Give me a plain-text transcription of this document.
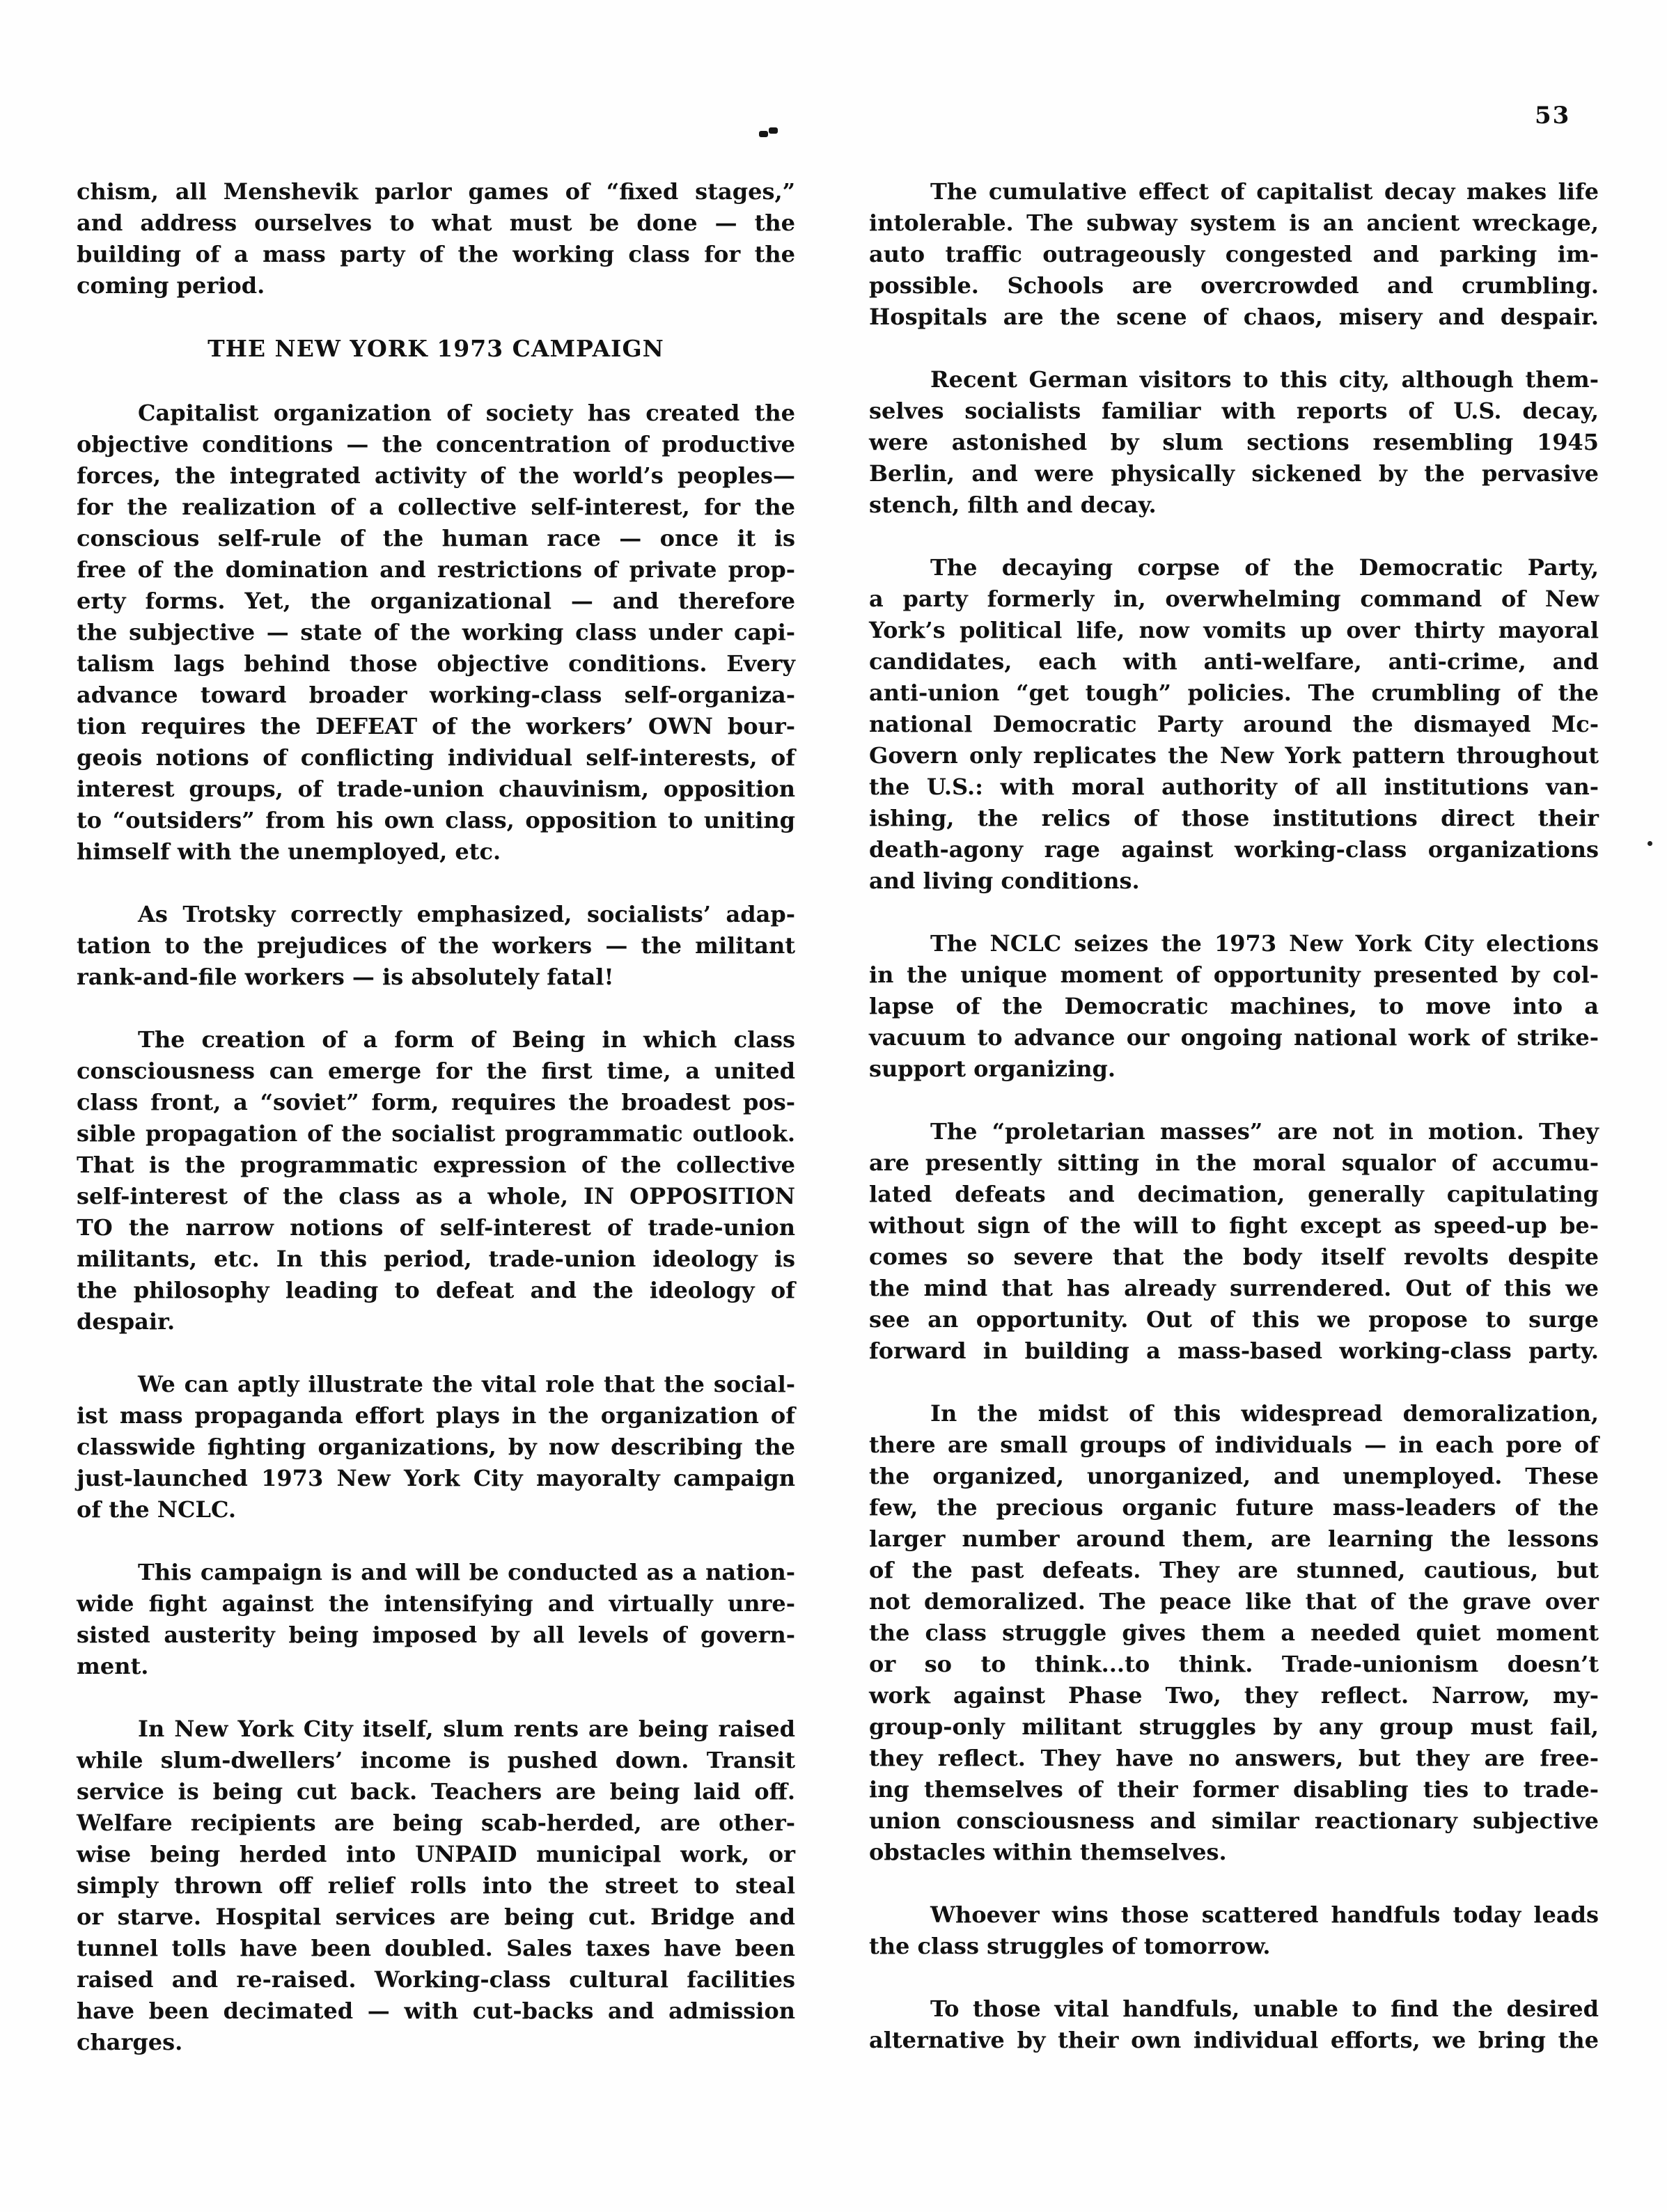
53
chism, all Menshevik parlor games of “fixed stages,”
and address ourselves to what must be done — the
building of a mass party of the working class for the
coming period.
THE NEW YORK 1973 CAMPAIGN
Capitalist organization of society has created the
objective conditions — the concentration of productive
forces, the integrated activity of the world’s peoples—
for the realization of a collective self-interest, for the
conscious self-rule of the human race — once it is
free of the domination and restrictions of private prop-
erty forms. Yet, the organizational — and therefore
the subjective — state of the working class under capi-
talism lags behind those objective conditions. Every
advance toward broader working-class self-organiza-
tion requires the DEFEAT of the workers’ OWN bour-
geois notions of conflicting individual self-interests, of
interest groups, of trade-union chauvinism, opposition
to “outsiders” from his own class, opposition to uniting
himself with the unemployed, etc.
As Trotsky correctly emphasized, socialists’ adap-
tation to the prejudices of the workers — the militant
rank-and-file workers — is absolutely fatal!
The creation of a form of Being in which class
consciousness can emerge for the first time, a united
class front, a “soviet” form, requires the broadest pos-
sible propagation of the socialist programmatic outlook.
That is the programmatic expression of the collective
self-interest of the class as a whole, IN OPPOSITION
TO the narrow notions of self-interest of trade-union
militants, etc. In this period, trade-union ideology is
the philosophy leading to defeat and the ideology of
despair.
We can aptly illustrate the vital role that the social-
ist mass propaganda effort plays in the organization of
classwide fighting organizations, by now describing the
just-launched 1973 New York City mayoralty campaign
of the NCLC.
This campaign is and will be conducted as a nation-
wide fight against the intensifying and virtually unre-
sisted austerity being imposed by all levels of govern-
ment.
In New York City itself, slum rents are being raised
while slum-dwellers’ income is pushed down. Transit
service is being cut back. Teachers are being laid off.
Welfare recipients are being scab-herded, are other-
wise being herded into UNPAID municipal work, or
simply thrown off relief rolls into the street to steal
or starve. Hospital services are being cut. Bridge and
tunnel tolls have been doubled. Sales taxes have been
raised and re-raised. Working-class cultural facilities
have been decimated — with cut-backs and admission
charges.
The cumulative effect of capitalist decay makes life
intolerable. The subway system is an ancient wreckage,
auto traffic outrageously congested and parking im-
possible. Schools are overcrowded and crumbling.
Hospitals are the scene of chaos, misery and despair.
Recent German visitors to this city, although them-
selves socialists familiar with reports of U.S. decay,
were astonished by slum sections resembling 1945
Berlin, and were physically sickened by the pervasive
stench, filth and decay.
The decaying corpse of the Democratic Party,
a party formerly in, overwhelming command of New
York’s political life, now vomits up over thirty mayoral
candidates, each with anti-welfare, anti-crime, and
anti-union “get tough” policies. The crumbling of the
national Democratic Party around the dismayed Mc-
Govern only replicates the New York pattern throughout
the U.S.: with moral authority of all institutions van-
ishing, the relics of those institutions direct their
death-agony rage against working-class organizations
and living conditions.
The NCLC seizes the 1973 New York City elections
in the unique moment of opportunity presented by col-
lapse of the Democratic machines, to move into a
vacuum to advance our ongoing national work of strike-
support organizing.
The “proletarian masses” are not in motion. They
are presently sitting in the moral squalor of accumu-
lated defeats and decimation, generally capitulating
without sign of the will to fight except as speed-up be-
comes so severe that the body itself revolts despite
the mind that has already surrendered. Out of this we
see an opportunity. Out of this we propose to surge
forward in building a mass-based working-class party.
In the midst of this widespread demoralization,
there are small groups of individuals — in each pore of
the organized, unorganized, and unemployed. These
few, the precious organic future mass-leaders of the
larger number around them, are learning the lessons
of the past defeats. They are stunned, cautious, but
not demoralized. The peace like that of the grave over
the class struggle gives them a needed quiet moment
or so to think...to think. Trade-unionism doesn’t
work against Phase Two, they reflect. Narrow, my-
group-only militant struggles by any group must fail,
they reflect. They have no answers, but they are free-
ing themselves of their former disabling ties to trade-
union consciousness and similar reactionary subjective
obstacles within themselves.
Whoever wins those scattered handfuls today leads
the class struggles of tomorrow.
To those vital handfuls, unable to find the desired
alternative by their own individual efforts, we bring the
